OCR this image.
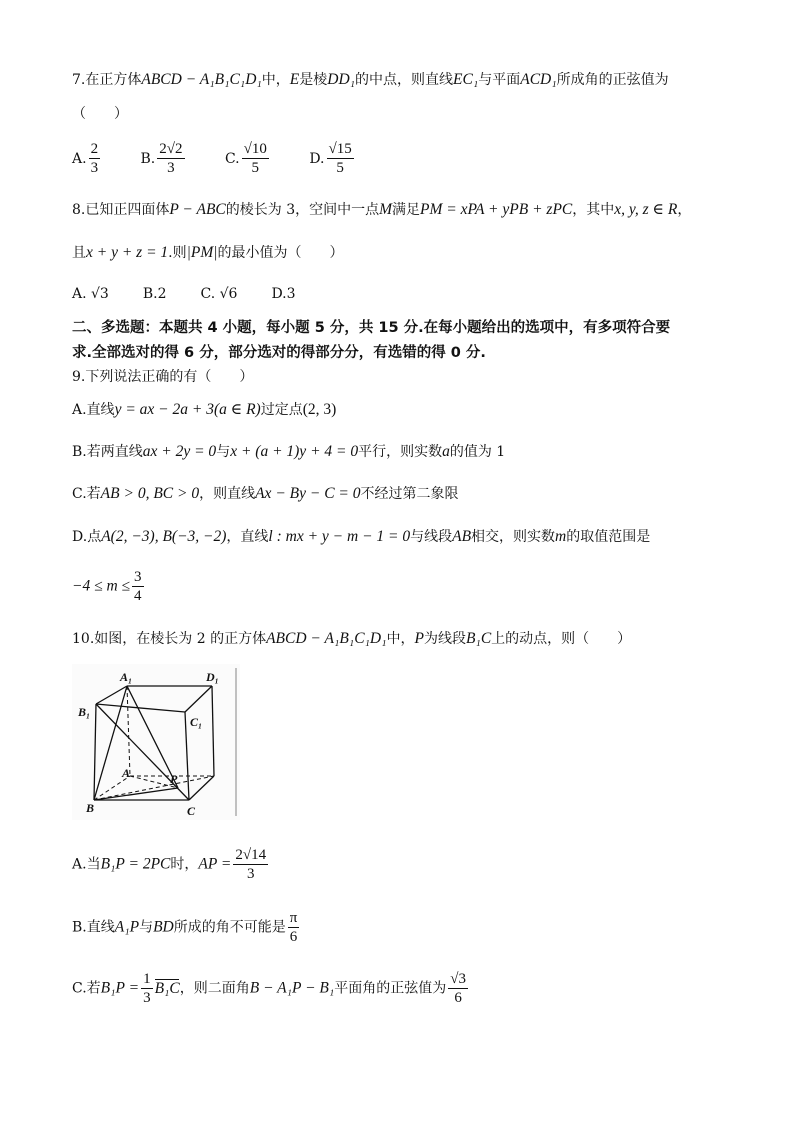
7.在正方体ABCD − A₁B₁C₁D₁中，E是棱DD₁的中点，则直线EC₁与平面ACD₁所成角的正弦值为
（　　）
A. $\frac{2}{3}$	B. $\frac{2√2}{3}$	C. $\frac{√10}{5}$	D. $\frac{√15}{5}$
8.已知正四面体P − ABC的棱长为 3，空间中一点M满足PM = xPA + yPB + zPC，其中x, y, z ∈ R，
且x + y + z = 1.则|PM|的最小值为（　　）
A. √3 B.2 C. √6 D.3
二、多选题：本题共 4 小题，每小题 5 分，共 15 分.在每小题给出的选项中，有多项符合要
求.全部选对的得 6 分，部分选对的得部分分，有选错的得 0 分.
9.下列说法正确的有（　　）
A.直线y = ax − 2a + 3(a ∈ R)过定点(2, 3)
B.若两直线ax + 2y = 0与x + (a + 1)y + 4 = 0平行，则实数a的值为 1
C.若AB > 0, BC > 0，则直线Ax − By − C = 0不经过第二象限
D.点A(2, −3), B(−3, −2)，直线l : mx + y − m − 1 = 0与线段AB相交，则实数m的取值范围是
$-4 \le m \le \frac{3}{4}$
10.如图，在棱长为 2 的正方体ABCD − A₁B₁C₁D₁中，P为线段B₁C上的动点，则（　　）
A₁	D₁
B₁
C₁
A	P
B	C
A.当B₁P = 2PC时，AP = $\frac{2√14}{3}$
B.直线A₁P与BD所成的角不可能是 $\frac{\pi}{6}$
C.若$B_1P = \frac{1}{3} B_1C$，则二面角B − A₁P − B₁平面角的正弦值为 $\frac{√3}{6}$
